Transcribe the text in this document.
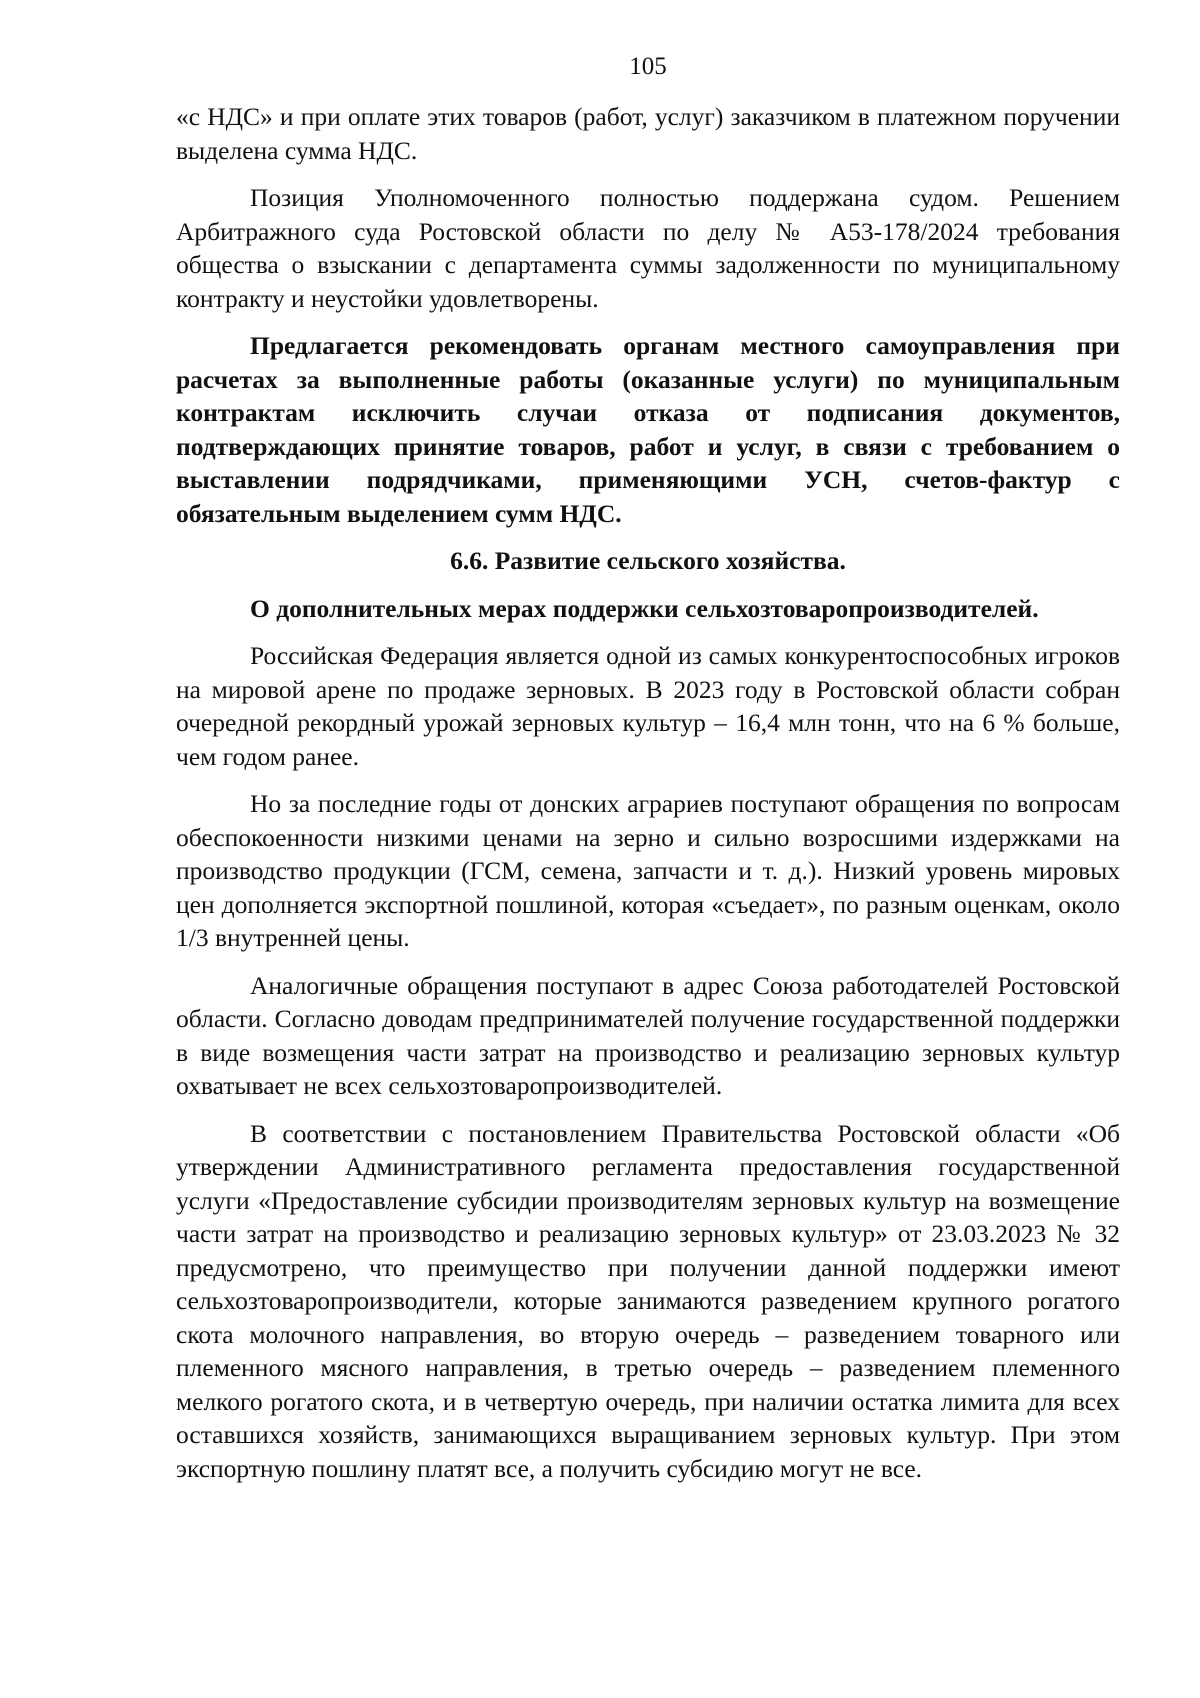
105

«с НДС» и при оплате этих товаров (работ, услуг) заказчиком в платежном поручении выделена сумма НДС.

Позиция Уполномоченного полностью поддержана судом. Решением Арбитражного суда Ростовской области по делу № А53-178/2024 требования общества о взыскании с департамента суммы задолженности по муниципальному контракту и неустойки удовлетворены.

Предлагается рекомендовать органам местного самоуправления при расчетах за выполненные работы (оказанные услуги) по муниципальным контрактам исключить случаи отказа от подписания документов, подтверждающих принятие товаров, работ и услуг, в связи с требованием о выставлении подрядчиками, применяющими УСН, счетов-фактур с обязательным выделением сумм НДС.

6.6. Развитие сельского хозяйства.

О дополнительных мерах поддержки сельхозтоваропроизводителей.

Российская Федерация является одной из самых конкурентоспособных игроков на мировой арене по продаже зерновых. В 2023 году в Ростовской области собран очередной рекордный урожай зерновых культур – 16,4 млн тонн, что на 6 % больше, чем годом ранее.

Но за последние годы от донских аграриев поступают обращения по вопросам обеспокоенности низкими ценами на зерно и сильно возросшими издержками на производство продукции (ГСМ, семена, запчасти и т. д.). Низкий уровень мировых цен дополняется экспортной пошлиной, которая «съедает», по разным оценкам, около 1/3 внутренней цены.

Аналогичные обращения поступают в адрес Союза работодателей Ростовской области. Согласно доводам предпринимателей получение государственной поддержки в виде возмещения части затрат на производство и реализацию зерновых культур охватывает не всех сельхозтоваропроизводителей.

В соответствии с постановлением Правительства Ростовской области «Об утверждении Административного регламента предоставления государственной услуги «Предоставление субсидии производителям зерновых культур на возмещение части затрат на производство и реализацию зерновых культур» от 23.03.2023 № 32 предусмотрено, что преимущество при получении данной поддержки имеют сельхозтоваропроизводители, которые занимаются разведением крупного рогатого скота молочного направления, во вторую очередь – разведением товарного или племенного мясного направления, в третью очередь – разведением племенного мелкого рогатого скота, и в четвертую очередь, при наличии остатка лимита для всех оставшихся хозяйств, занимающихся выращиванием зерновых культур. При этом экспортную пошлину платят все, а получить субсидию могут не все.
